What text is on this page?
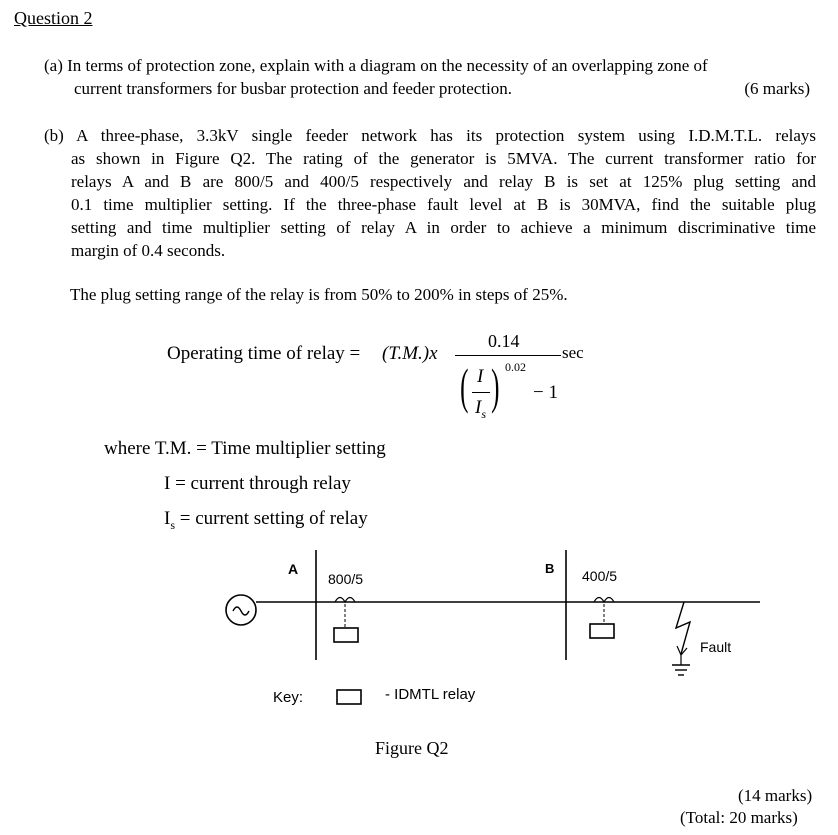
Question 2
(a) In terms of protection zone, explain with a diagram on the necessity of an overlapping zone of
current transformers for busbar protection and feeder protection.	(6 marks)
(b) A three-phase, 3.3kV single feeder network has its protection system using I.D.M.T.L. relays
as shown in Figure Q2. The rating of the generator is 5MVA. The current transformer ratio for
relays A and B are 800/5 and 400/5 respectively and relay B is set at 125% plug setting and
0.1 time multiplier setting. If the three-phase fault level at B is 30MVA, find the suitable plug
setting and time multiplier setting of relay A in order to achieve a minimum discriminative time
margin of 0.4 seconds.
The plug setting range of the relay is from 50% to 200% in steps of 25%.
Operating time of relay = (T.M.)x
0.14
sec
( I
$I_s$ ) 0.02
− 1
where T.M. = Time multiplier setting
I = current through relay
$I_s$ = current setting of relay
A
800/5
B 400/5
Fault
Key:	- IDMTL relay
Figure Q2
(14 marks)
(Total: 20 marks)
